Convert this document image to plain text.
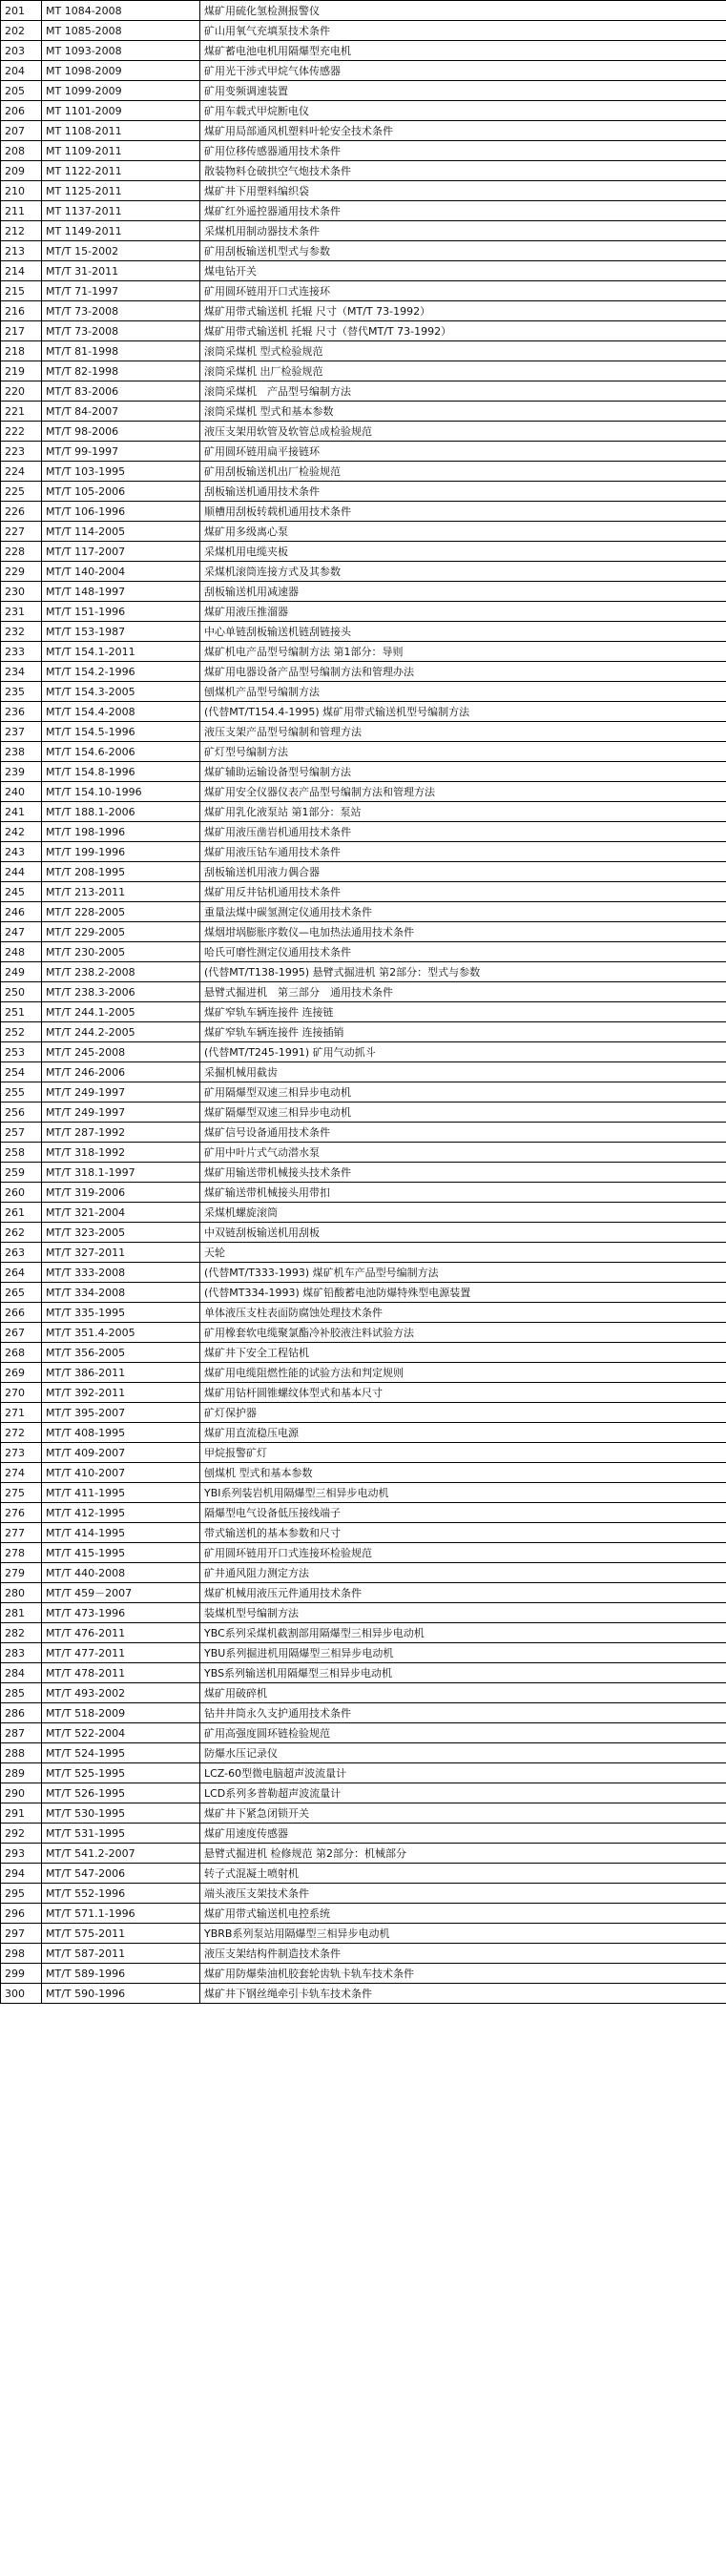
201	MT 1084-2008	煤矿用硫化氢检测报警仪
202	MT 1085-2008	矿山用氧气充填泵技术条件
203	MT 1093-2008	煤矿蓄电池电机用隔爆型充电机
204	MT 1098-2009	矿用光干涉式甲烷气体传感器
205	MT 1099-2009	矿用变频调速装置
206	MT 1101-2009	矿用车载式甲烷断电仪
207	MT 1108-2011	煤矿用局部通风机塑料叶轮安全技术条件
208	MT 1109-2011	矿用位移传感器通用技术条件
209	MT 1122-2011	散装物料仓破拱空气炮技术条件
210	MT 1125-2011	煤矿井下用塑料编织袋
211	MT 1137-2011	煤矿红外遥控器通用技术条件
212	MT 1149-2011	采煤机用制动器技术条件
213	MT/T 15-2002	矿用刮板输送机型式与参数
214	MT/T 31-2011	煤电钻开关
215	MT/T 71-1997	矿用圆环链用开口式连接环
216	MT/T 73-2008	煤矿用带式输送机 托辊 尺寸（MT/T 73-1992）
217	MT/T 73-2008	煤矿用带式输送机 托辊 尺寸（替代MT/T 73-1992）
218	MT/T 81-1998	滚筒采煤机 型式检验规范
219	MT/T 82-1998	滚筒采煤机 出厂检验规范
220	MT/T 83-2006	滚筒采煤机　产品型号编制方法
221	MT/T 84-2007	滚筒采煤机 型式和基本参数
222	MT/T 98-2006	液压支架用软管及软管总成检验规范
223	MT/T 99-1997	矿用圆环链用扁平接链环
224	MT/T 103-1995	矿用刮板输送机出厂检验规范
225	MT/T 105-2006	刮板输送机通用技术条件
226	MT/T 106-1996	顺槽用刮板转载机通用技术条件
227	MT/T 114-2005	煤矿用多级离心泵
228	MT/T 117-2007	采煤机用电缆夹板
229	MT/T 140-2004	采煤机滚筒连接方式及其参数
230	MT/T 148-1997	刮板输送机用减速器
231	MT/T 151-1996	煤矿用液压推溜器
232	MT/T 153-1987	中心单链刮板输送机链刮链接头
233	MT/T 154.1-2011	煤矿机电产品型号编制方法 第1部分：导则
234	MT/T 154.2-1996	煤矿用电器设备产品型号编制方法和管理办法
235	MT/T 154.3-2005	刨煤机产品型号编制方法
236	MT/T 154.4-2008	(代替MT/T154.4-1995) 煤矿用带式输送机型号编制方法
237	MT/T 154.5-1996	液压支架产品型号编制和管理方法
238	MT/T 154.6-2006	矿灯型号编制方法
239	MT/T 154.8-1996	煤矿辅助运输设备型号编制方法
240	MT/T 154.10-1996	煤矿用安全仪器仪表产品型号编制方法和管理方法
241	MT/T 188.1-2006	煤矿用乳化液泵站 第1部分：泵站
242	MT/T 198-1996	煤矿用液压凿岩机通用技术条件
243	MT/T 199-1996	煤矿用液压钻车通用技术条件
244	MT/T 208-1995	刮板输送机用液力偶合器
245	MT/T 213-2011	煤矿用反井钻机通用技术条件
246	MT/T 228-2005	重量法煤中碳氢测定仪通用技术条件
247	MT/T 229-2005	煤烟坩埚膨胀序数仪—电加热法通用技术条件
248	MT/T 230-2005	哈氏可磨性测定仪通用技术条件
249	MT/T 238.2-2008	(代替MT/T138-1995) 悬臂式掘进机 第2部分：型式与参数
250	MT/T 238.3-2006	悬臂式掘进机　第三部分　通用技术条件
251	MT/T 244.1-2005	煤矿窄轨车辆连接件 连接链
252	MT/T 244.2-2005	煤矿窄轨车辆连接件 连接插销
253	MT/T 245-2008	(代替MT/T245-1991) 矿用气动抓斗
254	MT/T 246-2006	采掘机械用截齿
255	MT/T 249-1997	矿用隔爆型双速三相异步电动机
256	MT/T 249-1997	煤矿隔爆型双速三相异步电动机
257	MT/T 287-1992	煤矿信号设备通用技术条件
258	MT/T 318-1992	矿用中叶片式气动潜水泵
259	MT/T 318.1-1997	煤矿用输送带机械接头技术条件
260	MT/T 319-2006	煤矿输送带机械接头用带扣
261	MT/T 321-2004	采煤机螺旋滚筒
262	MT/T 323-2005	中双链刮板输送机用刮板
263	MT/T 327-2011	天轮
264	MT/T 333-2008	(代替MT/T333-1993) 煤矿机车产品型号编制方法
265	MT/T 334-2008	(代替MT334-1993) 煤矿铅酸蓄电池防爆特殊型电源装置
266	MT/T 335-1995	单体液压支柱表面防腐蚀处理技术条件
267	MT/T 351.4-2005	矿用橡套软电缆聚氯酯冷补胶液注料试验方法
268	MT/T 356-2005	煤矿井下安全工程钻机
269	MT/T 386-2011	煤矿用电缆阻燃性能的试验方法和判定规则
270	MT/T 392-2011	煤矿用钻杆圆锥螺纹体型式和基本尺寸
271	MT/T 395-2007	矿灯保护器
272	MT/T 408-1995	煤矿用直流稳压电源
273	MT/T 409-2007	甲烷报警矿灯
274	MT/T 410-2007	刨煤机 型式和基本参数
275	MT/T 411-1995	YBI系列装岩机用隔爆型三相异步电动机
276	MT/T 412-1995	隔爆型电气设备低压接线端子
277	MT/T 414-1995	带式输送机的基本参数和尺寸
278	MT/T 415-1995	矿用圆环链用开口式连接环检验规范
279	MT/T 440-2008	矿井通风阻力测定方法
280	MT/T 459－2007	煤矿机械用液压元件通用技术条件
281	MT/T 473-1996	装煤机型号编制方法
282	MT/T 476-2011	YBC系列采煤机截割部用隔爆型三相异步电动机
283	MT/T 477-2011	YBU系列掘进机用隔爆型三相异步电动机
284	MT/T 478-2011	YBS系列输送机用隔爆型三相异步电动机
285	MT/T 493-2002	煤矿用破碎机
286	MT/T 518-2009	钻井井筒永久支护通用技术条件
287	MT/T 522-2004	矿用高强度圆环链检验规范
288	MT/T 524-1995	防爆水压记录仪
289	MT/T 525-1995	LCZ-60型微电脑超声波流量计
290	MT/T 526-1995	LCD系列多普勒超声波流量计
291	MT/T 530-1995	煤矿井下紧急闭锁开关
292	MT/T 531-1995	煤矿用速度传感器
293	MT/T 541.2-2007	悬臂式掘进机 检修规范 第2部分：机械部分
294	MT/T 547-2006	转子式混凝土喷射机
295	MT/T 552-1996	端头液压支架技术条件
296	MT/T 571.1-1996	煤矿用带式输送机电控系统
297	MT/T 575-2011	YBRB系列泵站用隔爆型三相异步电动机
298	MT/T 587-2011	液压支架结构件制造技术条件
299	MT/T 589-1996	煤矿用防爆柴油机胶套轮齿轨卡轨车技术条件
300	MT/T 590-1996	煤矿井下钢丝绳牵引卡轨车技术条件
